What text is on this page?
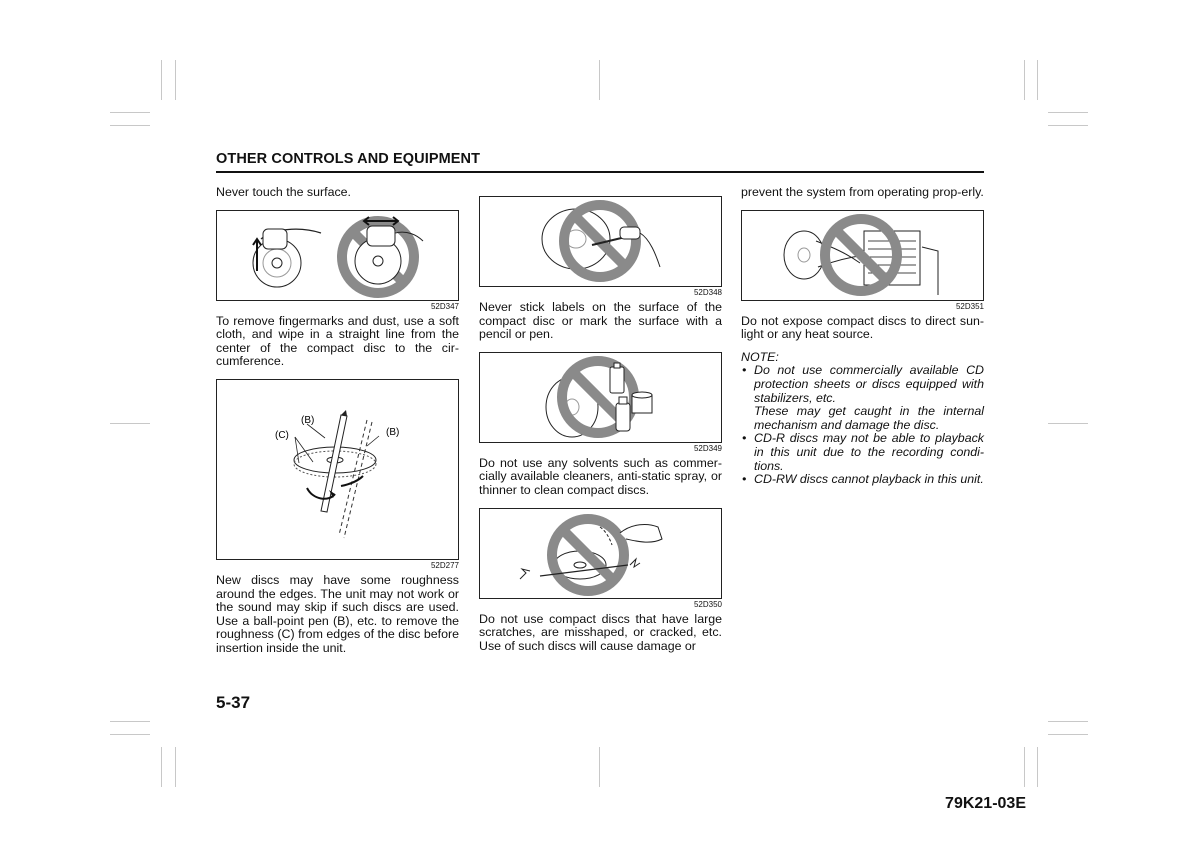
OTHER CONTROLS AND EQUIPMENT

Never touch the surface.

52D347

To remove fingermarks and dust, use a soft cloth, and wipe in a straight line from the center of the compact disc to the cir-cumference.

(B)
(C)	(B)
52D277

New discs may have some roughness around the edges. The unit may not work or the sound may skip if such discs are used. Use a ball-point pen (B), etc. to remove the roughness (C) from edges of the disc before insertion inside the unit.

52D348

Never stick labels on the surface of the compact disc or mark the surface with a pencil or pen.

52D349

Do not use any solvents such as commer-cially available cleaners, anti-static spray, or thinner to clean compact discs.

52D350

Do not use compact discs that have large scratches, are misshaped, or cracked, etc. Use of such discs will cause damage or

prevent the system from operating prop-erly.

52D351

Do not expose compact discs to direct sun-light or any heat source.

NOTE:
• Do not use commercially available CD protection sheets or discs equipped with stabilizers, etc.
These may get caught in the internal mechanism and damage the disc.
• CD-R discs may not be able to playback in this unit due to the recording condi-tions.
• CD-RW discs cannot playback in this unit.
5-37
79K21-03E
